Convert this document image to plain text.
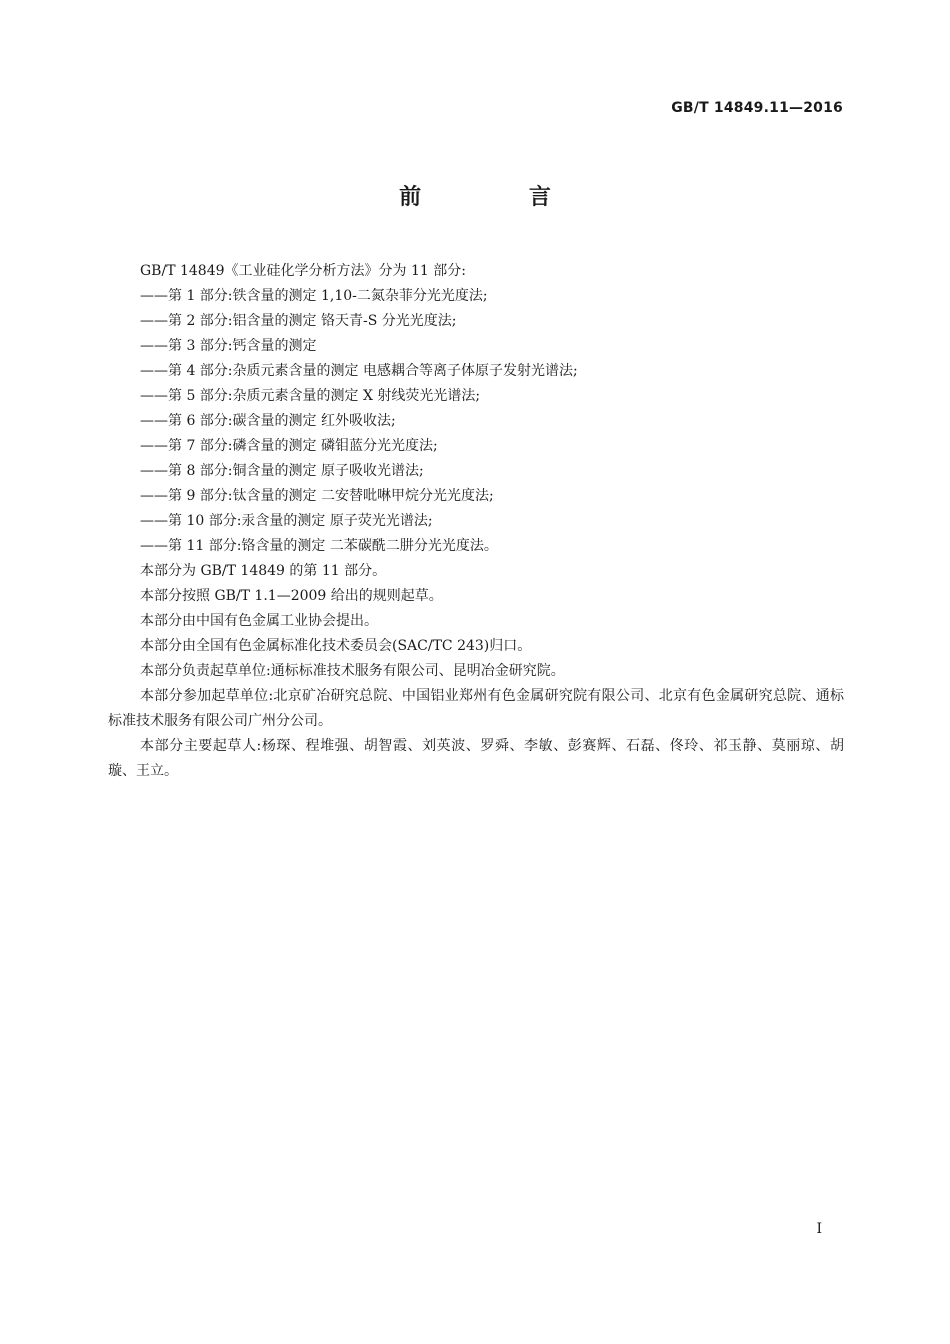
GB/T 14849.11—2016
前 言

GB/T 14849《工业硅化学分析方法》分为 11 部分:

——第 1 部分:铁含量的测定 1,10-二氮杂菲分光光度法;

——第 2 部分:铝含量的测定 铬天青-S 分光光度法;

——第 3 部分:钙含量的测定

——第 4 部分:杂质元素含量的测定 电感耦合等离子体原子发射光谱法;

——第 5 部分:杂质元素含量的测定 X 射线荧光光谱法;

——第 6 部分:碳含量的测定 红外吸收法;

——第 7 部分:磷含量的测定 磷钼蓝分光光度法;

——第 8 部分:铜含量的测定 原子吸收光谱法;

——第 9 部分:钛含量的测定 二安替吡啉甲烷分光光度法;

——第 10 部分:汞含量的测定 原子荧光光谱法;

——第 11 部分:铬含量的测定 二苯碳酰二肼分光光度法。

本部分为 GB/T 14849 的第 11 部分。

本部分按照 GB/T 1.1—2009 给出的规则起草。

本部分由中国有色金属工业协会提出。

本部分由全国有色金属标准化技术委员会(SAC/TC 243)归口。

本部分负责起草单位:通标标准技术服务有限公司、昆明冶金研究院。

本部分参加起草单位:北京矿冶研究总院、中国铝业郑州有色金属研究院有限公司、北京有色金属研究总院、通标标准技术服务有限公司广州分公司。

本部分主要起草人:杨琛、程堆强、胡智霞、刘英波、罗舜、李敏、彭赛辉、石磊、佟玲、祁玉静、莫丽琼、胡璇、王立。

I
